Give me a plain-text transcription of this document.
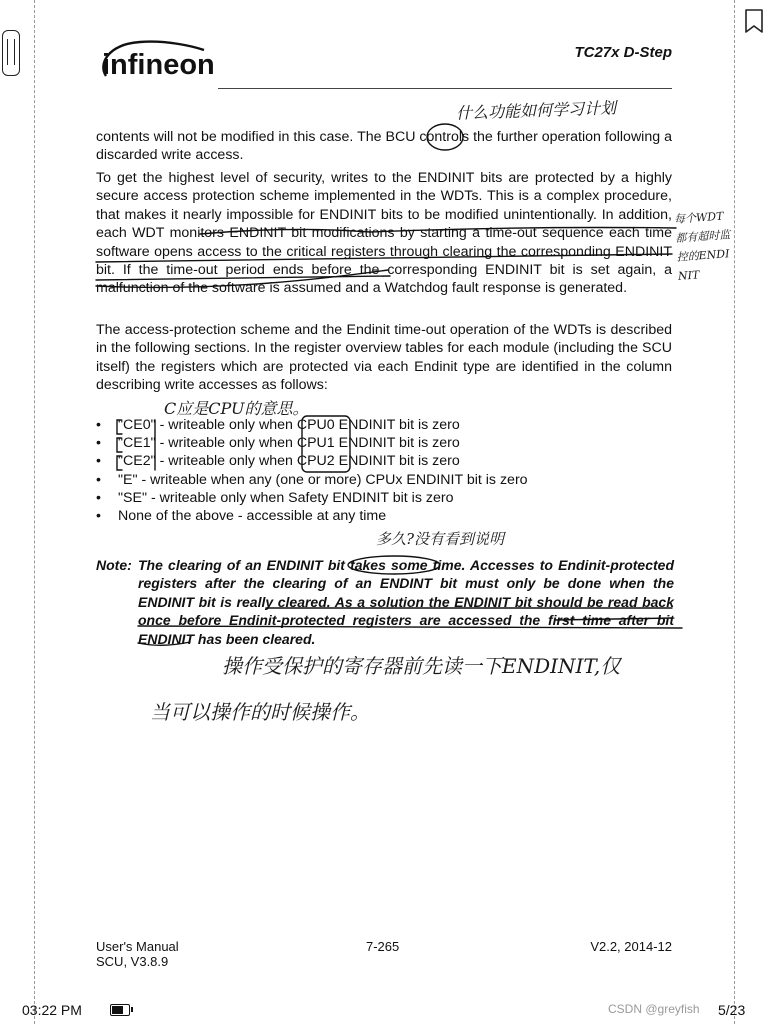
infineon	TC27x D-Step

contents will not be modified in this case. The BCU controls the further operation following a discarded write access.

To get the highest level of security, writes to the ENDINIT bits are protected by a highly secure access protection scheme implemented in the WDTs. This is a complex procedure, that makes it nearly impossible for ENDINIT bits to be modified unintentionally. In addition, each WDT monitors ENDINIT bit modifications by starting a time-out sequence each time software opens access to the critical registers through clearing the corresponding ENDINIT bit. If the time-out period ends before the corresponding ENDINIT bit is set again, a malfunction of the software is assumed and a Watchdog fault response is generated.

The access-protection scheme and the Endinit time-out operation of the WDTs is described in the following sections. In the register overview tables for each module (including the SCU itself) the registers which are protected via each Endinit type are identified in the column describing write accesses as follows:

• "CE0" - writeable only when CPU0 ENDINIT bit is zero
• "CE1" - writeable only when CPU1 ENDINIT bit is zero
• "CE2" - writeable only when CPU2 ENDINIT bit is zero
• "E" - writeable when any (one or more) CPUx ENDINIT bit is zero
• "SE" - writeable only when Safety ENDINIT bit is zero
• None of the above - accessible at any time
Note: The clearing of an ENDINIT bit takes some time. Accesses to Endinit-protected registers after the clearing of an ENDINT bit must only be done when the ENDINIT bit is really cleared. As a solution the ENDINIT bit should be read back once before Endinit-protected registers are accessed the first time after bit ENDINIT has been cleared.
什么功能如何学习计划
每个WDT都有超时监控的ENDINIT
C应是CPU的意思。
多久?没有看到说明
操作受保护的寄存器前先读一下ENDINIT,仅
当可以操作的时候操作。
User's Manual
SCU, V3.8.9
7-265	V2.2, 2014-12
03:22 PM	CSDN @greyfish 5/23
